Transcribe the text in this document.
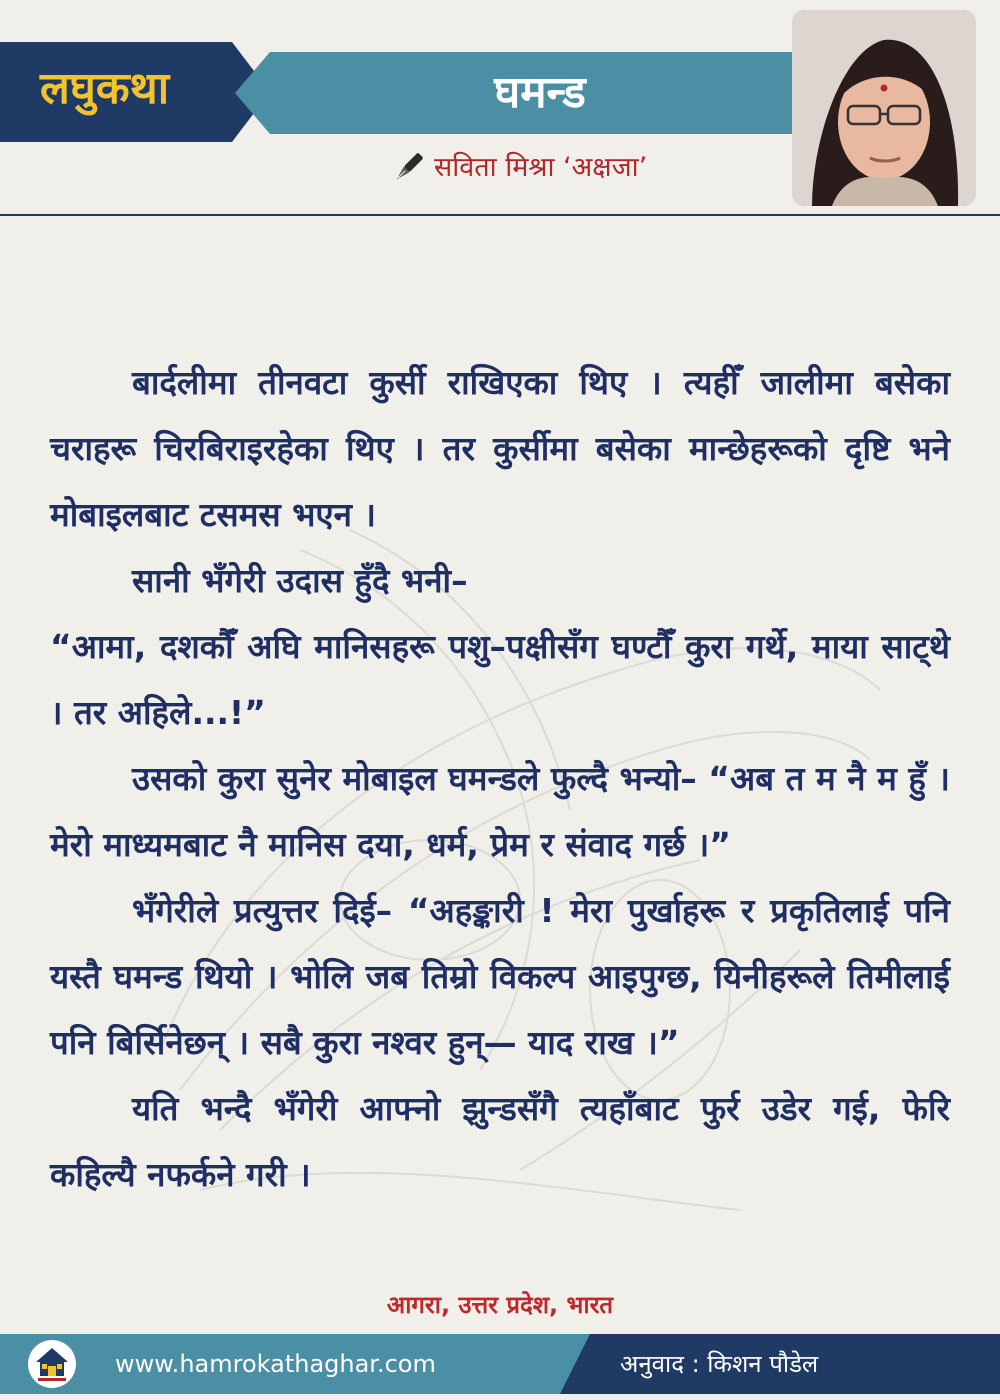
लघुकथा	घमन्ड
सविता मिश्रा ‘अक्षजा’

बार्दलीमा तीनवटा कुर्सी राखिएका थिए । त्यहीँ जालीमा बसेका चराहरू चिरबिराइरहेका थिए । तर कुर्सीमा बसेका मान्छेहरूको दृष्टि भने मोबाइलबाट टसमस भएन ।

सानी भँगेरी उदास हुँदै भनी–

“आमा, दशकौँ अघि मानिसहरू पशु–पक्षीसँग घण्टौँ कुरा गर्थे, माया साट्थे । तर अहिले...!”

उसको कुरा सुनेर मोबाइल घमन्डले फुल्दै भन्यो– “अब त म नै म हुँ । मेरो माध्यमबाट नै मानिस दया, धर्म, प्रेम र संवाद गर्छ ।”

भँगेरीले प्रत्युत्तर दिई– “अहङ्कारी ! मेरा पुर्खाहरू र प्रकृतिलाई पनि यस्तै घमन्ड थियो । भोलि जब तिम्रो विकल्प आइपुग्छ, यिनीहरूले तिमीलाई पनि बिर्सिनेछन् । सबै कुरा नश्वर हुन्— याद राख ।”

यति भन्दै भँगेरी आफ्नो झुन्डसँगै त्यहाँबाट फुर्र उडेर गई, फेरि कहिल्यै नफर्कने गरी ।

आगरा, उत्तर प्रदेश, भारत
www.hamrokathaghar.com	अनुवाद : किशन पौडेल
